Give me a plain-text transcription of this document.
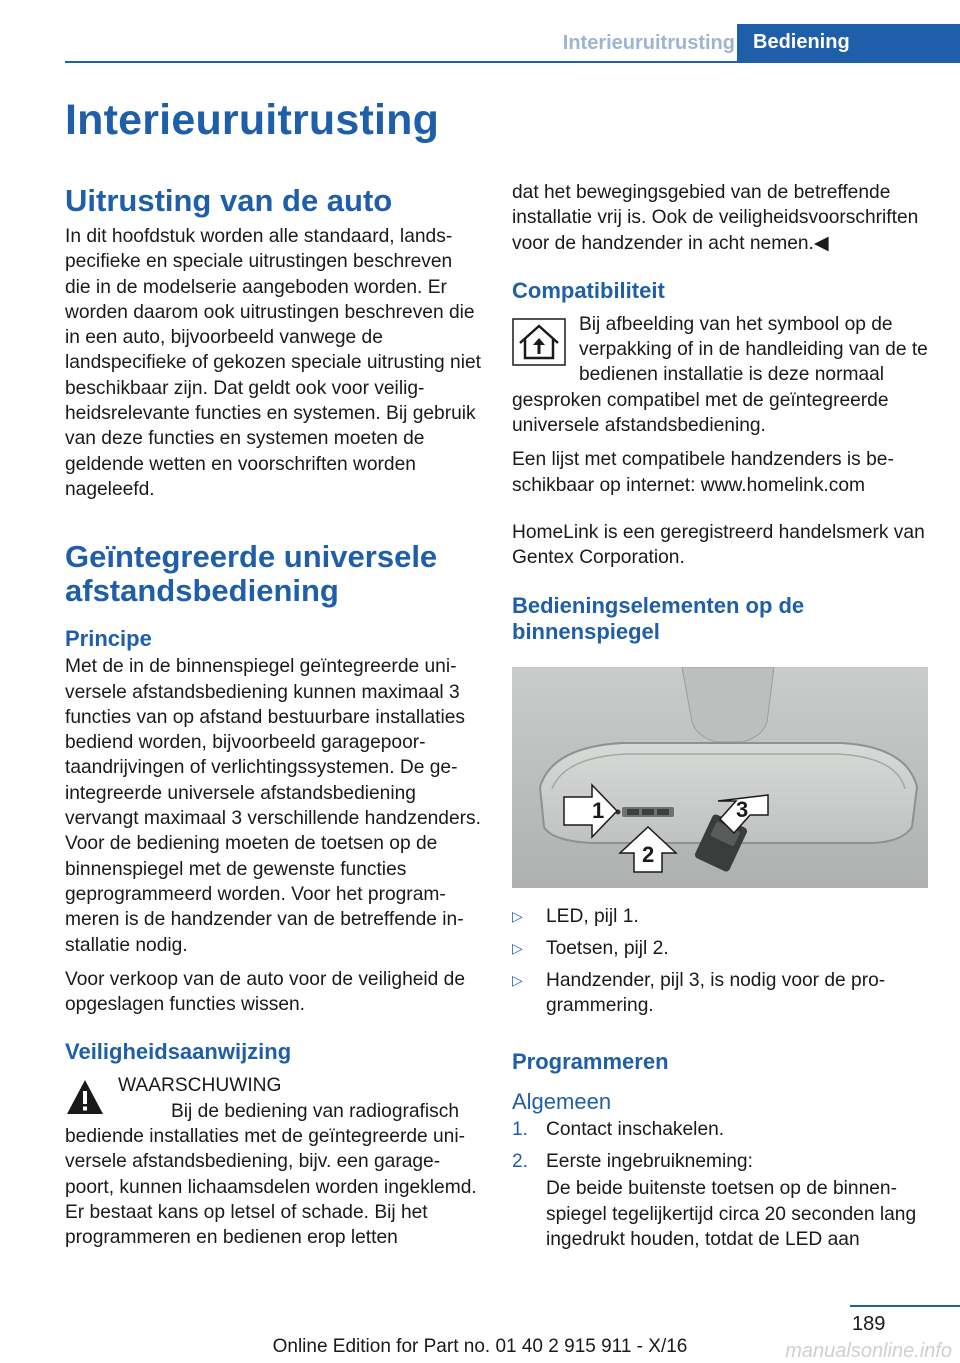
Interieuruitrusting Bediening
Interieuruitrusting
Uitrusting van de auto

In dit hoofdstuk worden alle standaard, landspecifieke en speciale uitrustingen beschreven die in de modelserie aangeboden worden. Er worden daarom ook uitrustingen beschreven die in een auto, bijvoorbeeld vanwege de landspecifieke of gekozen speciale uitrusting niet beschikbaar zijn. Dat geldt ook voor veiligheidsrelevante functies en systemen. Bij gebruik van deze functies en systemen moeten de geldende wetten en voorschriften worden nageleefd.

Geïntegreerde universele afstandsbediening
Principe

Met de in de binnenspiegel geïntegreerde universele afstandsbediening kunnen maximaal 3 functies van op afstand bestuurbare installaties bediend worden, bijvoorbeeld garagepoortaandrijvingen of verlichtingssystemen. De geintegreerde universele afstandsbediening vervangt maximaal 3 verschillende handzenders. Voor de bediening moeten de toetsen op de binnenspiegel met de gewenste functies geprogrammeerd worden. Voor het programmeren is de handzender van de betreffende installatie nodig.

Voor verkoop van de auto voor de veiligheid de opgeslagen functies wissen.

Veiligheidsaanwijzing
WAARSCHUWING
Bij de bediening van radiografisch bediende installaties met de geïntegreerde universele afstandsbediening, bijv. een garagepoort, kunnen lichaamsdelen worden ingeklemd. Er bestaat kans op letsel of schade. Bij het programmeren en bedienen erop letten

dat het bewegingsgebied van de betreffende installatie vrij is. Ook de veiligheidsvoorschriften voor de handzender in acht nemen.◀

Compatibiliteit

Bij afbeelding van het symbool op de verpakking of in de handleiding van de te bedienen installatie is deze normaal gesproken compatibel met de geïntegreerde universele afstandsbediening.

Een lijst met compatibele handzenders is beschikbaar op internet: www.homelink.com

HomeLink is een geregistreerd handelsmerk van Gentex Corporation.

Bedieningselementen op de binnenspiegel
1
2
3
▷ LED, pijl 1.
▷ Toetsen, pijl 2.
▷ Handzender, pijl 3, is nodig voor de programmering.
Programmeren
Algemeen
1. Contact inschakelen.
2. Eerste ingebruikneming:
De beide buitenste toetsen op de binnenspiegel tegelijkertijd circa 20 seconden lang ingedrukt houden, totdat de LED aan
189
Online Edition for Part no. 01 40 2 915 911 - X/16	manualsonline.info
